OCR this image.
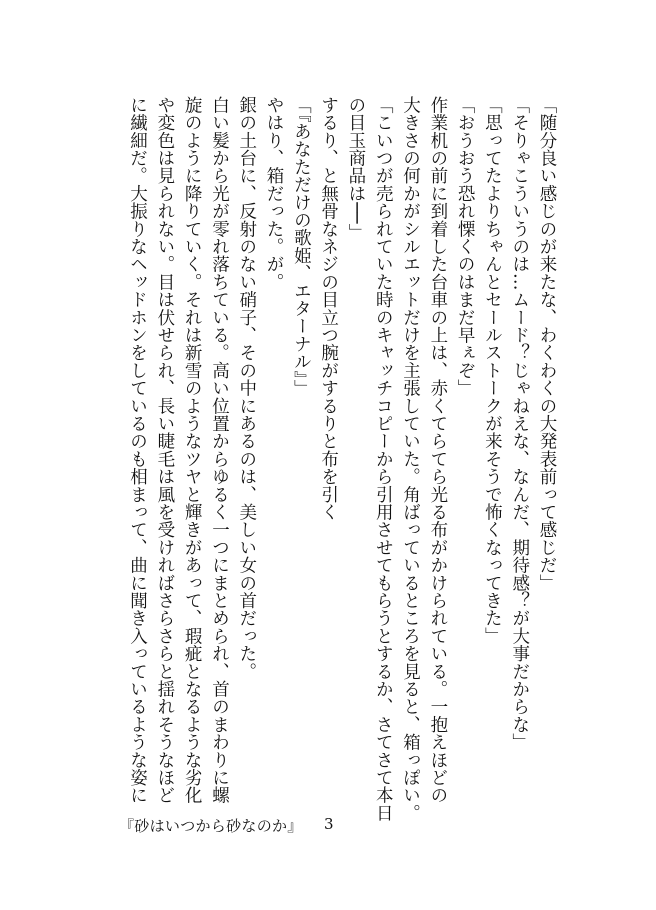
「随分良い感じのが来たな、わくわくの大発表前って感じだ」
「そりゃこういうのは…ムード？じゃねえな、なんだ、期待感？が大事だからな」
「思ってたよりちゃんとセールストークが来そうで怖くなってきた」
「おうおう恐れ慄くのはまだ早ぇぞ」
作業机の前に到着した台車の上は、赤くてらてら光る布がかけられている。一抱えほどの
大きさの何かがシルエットだけを主張していた。角ばっているところを見ると、箱っぽい。
「こいつが売られていた時のキャッチコピーから引用させてもらうとするか、さてさて本日
の目玉商品は──」
するり、と無骨なネジの目立つ腕がするりと布を引く
「『あなただけの歌姫、エターナル』」
やはり、箱だった。が。
銀の土台に、反射のない硝子、その中にあるのは、美しい女の首だった。
白い髪から光が零れ落ちている。高い位置からゆるく一つにまとめられ、首のまわりに螺
旋のように降りていく。それは新雪のようなツヤと輝きがあって、瑕疵となるような劣化
や変色は見られない。目は伏せられ、長い睫毛は風を受ければさらさらと揺れそうなほど
に繊細だ。大振りなヘッドホンをしているのも相まって、曲に聞き入っているような姿に
『砂はいつから砂なのか』 3
